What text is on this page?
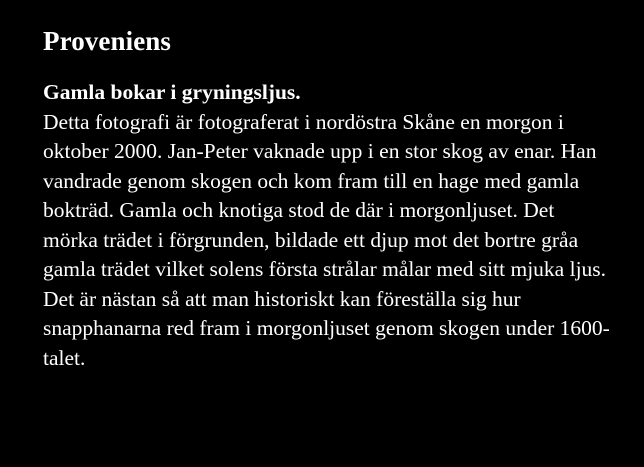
Proveniens

Gamla bokar i gryningsljus.

Detta fotografi är fotograferat i nordöstra Skåne en morgon i oktober 2000. Jan-Peter vaknade upp i en stor skog av enar. Han vandrade genom skogen och kom fram till en hage med gamla bokträd. Gamla och knotiga stod de där i morgonljuset. Det mörka trädet i förgrunden, bildade ett djup mot det bortre gråa gamla trädet vilket solens första strålar målar med sitt mjuka ljus. Det är nästan så att man historiskt kan föreställa sig hur snapphanarna red fram i morgonljuset genom skogen under 1600-talet.
